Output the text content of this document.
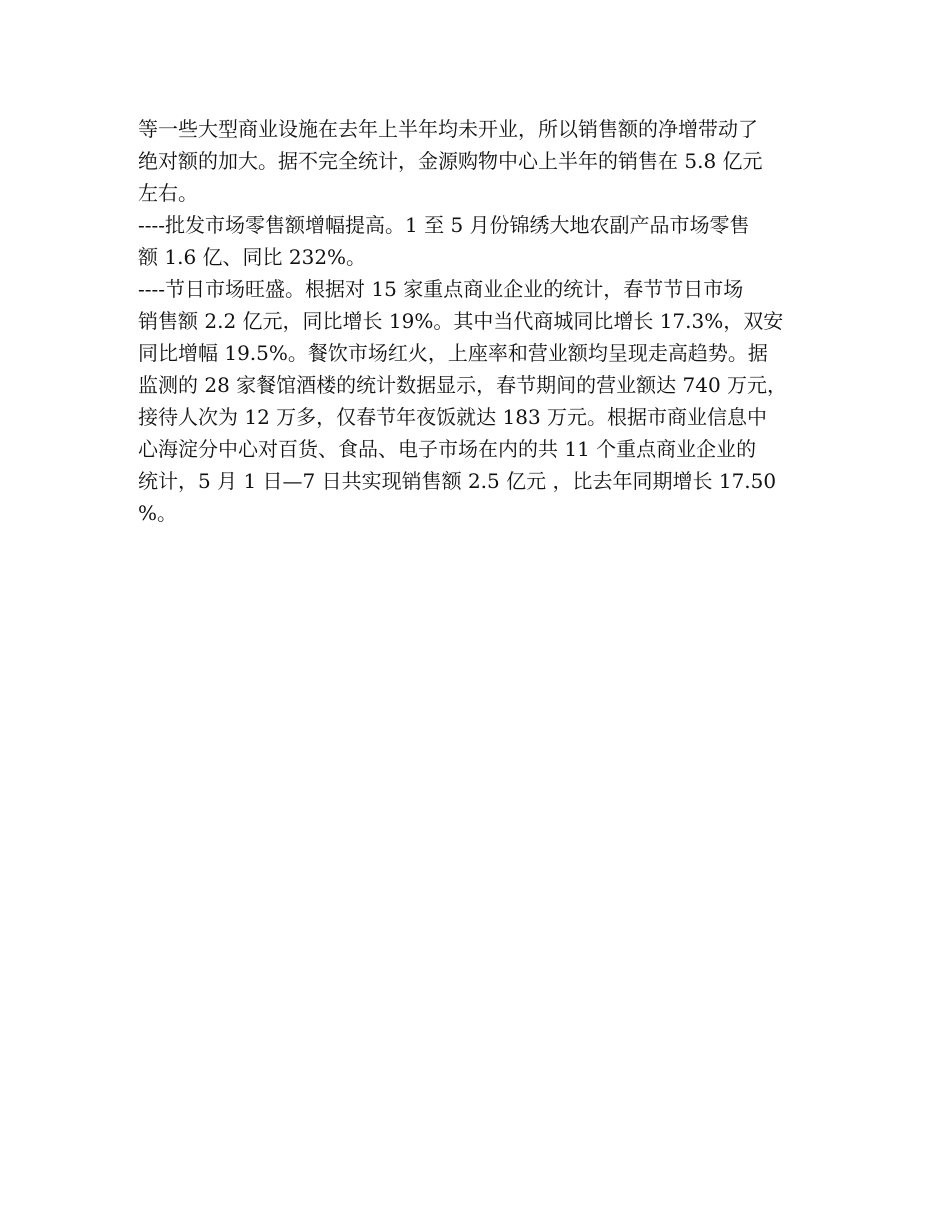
等一些大型商业设施在去年上半年均未开业，所以销售额的净增带动了
绝对额的加大。据不完全统计，金源购物中心上半年的销售在 5.8 亿元
左右。
----批发市场零售额增幅提高。1 至 5 月份锦绣大地农副产品市场零售
额 1.6 亿、同比 232%。
----节日市场旺盛。根据对 15 家重点商业企业的统计，春节节日市场
销售额 2.2 亿元，同比增长 19%。其中当代商城同比增长 17.3%，双安
同比增幅 19.5%。餐饮市场红火，上座率和营业额均呈现走高趋势。据
监测的 28 家餐馆酒楼的统计数据显示，春节期间的营业额达 740 万元，
接待人次为 12 万多，仅春节年夜饭就达 183 万元。根据市商业信息中
心海淀分中心对百货、食品、电子市场在内的共 11 个重点商业企业的
统计，5 月 1 日—7 日共实现销售额 2.5 亿元 ，比去年同期增长 17.50
%。
